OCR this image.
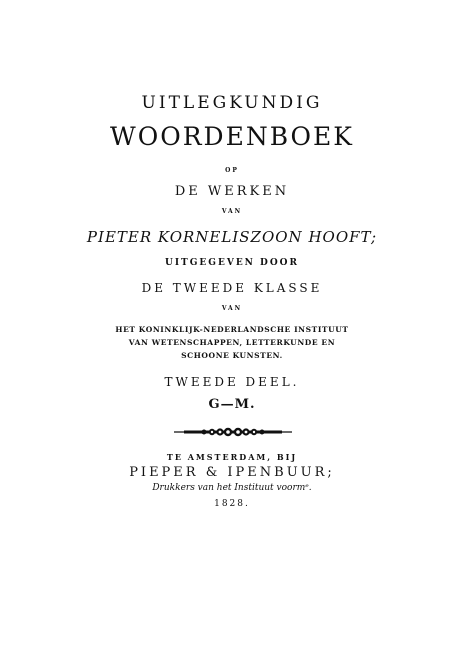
UITLEGKUNDIG
WOORDENBOEK
OP
DE WERKEN
VAN
PIETER KORNELISZOON HOOFT;
UITGEGEVEN DOOR
DE TWEEDE KLASSE
VAN
HET KONINKLIJK-NEDERLANDSCHE INSTITUUT
VAN WETENSCHAPPEN, LETTERKUNDE EN
SCHOONE KUNSTEN.
TWEEDE DEEL.
G—M.
TE AMSTERDAM, BIJ
PIEPER & IPENBUUR;
Drukkers van het Instituut voormᵉ.
1828.
